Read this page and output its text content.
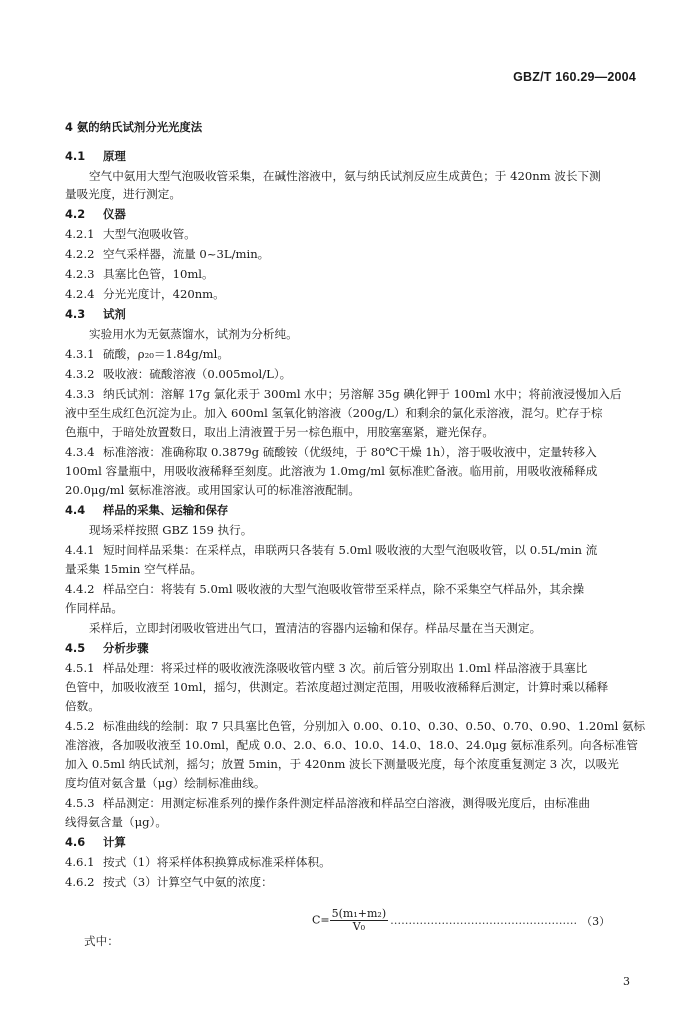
GBZ/T 160.29—2004
4 氨的纳氏试剂分光光度法
4.1 原理
空气中氨用大型气泡吸收管采集，在碱性溶液中，氨与纳氏试剂反应生成黄色；于 420nm 波长下测
量吸光度，进行测定。
4.2 仪器
4.2.1 大型气泡吸收管。
4.2.2 空气采样器，流量 0~3L/min。
4.2.3 具塞比色管，10ml。
4.2.4 分光光度计，420nm。
4.3 试剂
实验用水为无氨蒸馏水，试剂为分析纯。
4.3.1 硫酸，ρ₂₀＝1.84g/ml。
4.3.2 吸收液：硫酸溶液（0.005mol/L）。
4.3.3 纳氏试剂：溶解 17g 氯化汞于 300ml 水中；另溶解 35g 碘化钾于 100ml 水中；将前液浸慢加入后
液中至生成红色沉淀为止。加入 600ml 氢氧化钠溶液（200g/L）和剩余的氯化汞溶液，混匀。贮存于棕
色瓶中，于暗处放置数日，取出上清液置于另一棕色瓶中，用胶塞塞紧，避光保存。
4.3.4 标准溶液：准确称取 0.3879g 硫酸铵（优级纯，于 80℃干燥 1h），溶于吸收液中，定量转移入
100ml 容量瓶中，用吸收液稀释至刻度。此溶液为 1.0mg/ml 氨标准贮备液。临用前，用吸收液稀释成
20.0μg/ml 氨标准溶液。或用国家认可的标准溶液配制。
4.4 样品的采集、运输和保存
现场采样按照 GBZ 159 执行。
4.4.1 短时间样品采集：在采样点，串联两只各装有 5.0ml 吸收液的大型气泡吸收管，以 0.5L/min 流
量采集 15min 空气样品。
4.4.2 样品空白：将装有 5.0ml 吸收液的大型气泡吸收管带至采样点，除不采集空气样品外，其余操
作同样品。
采样后，立即封闭吸收管进出气口，置清洁的容器内运输和保存。样品尽量在当天测定。
4.5 分析步骤
4.5.1 样品处理：将采过样的吸收液洗涤吸收管内壁 3 次。前后管分别取出 1.0ml 样品溶液于具塞比
色管中，加吸收液至 10ml，摇匀，供测定。若浓度超过测定范围，用吸收液稀释后测定，计算时乘以稀释
倍数。
4.5.2 标准曲线的绘制：取 7 只具塞比色管，分别加入 0.00、0.10、0.30、0.50、0.70、0.90、1.20ml 氨标
准溶液，各加吸收液至 10.0ml，配成 0.0、2.0、6.0、10.0、14.0、18.0、24.0μg 氨标准系列。向各标准管
加入 0.5ml 纳氏试剂，摇匀；放置 5min，于 420nm 波长下测量吸光度，每个浓度重复测定 3 次，以吸光
度均值对氨含量（μg）绘制标准曲线。
4.5.3 样品测定：用测定标准系列的操作条件测定样品溶液和样品空白溶液，测得吸光度后，由标准曲
线得氨含量（μg）。
4.6 计算
4.6.1 按式（1）将采样体积换算成标准采样体积。
4.6.2 按式（3）计算空气中氨的浓度：
$C= \frac{\text{5(m₁+m₂)}}{\text{V₀}}$ …………………………………………… （3）
式中：
3
